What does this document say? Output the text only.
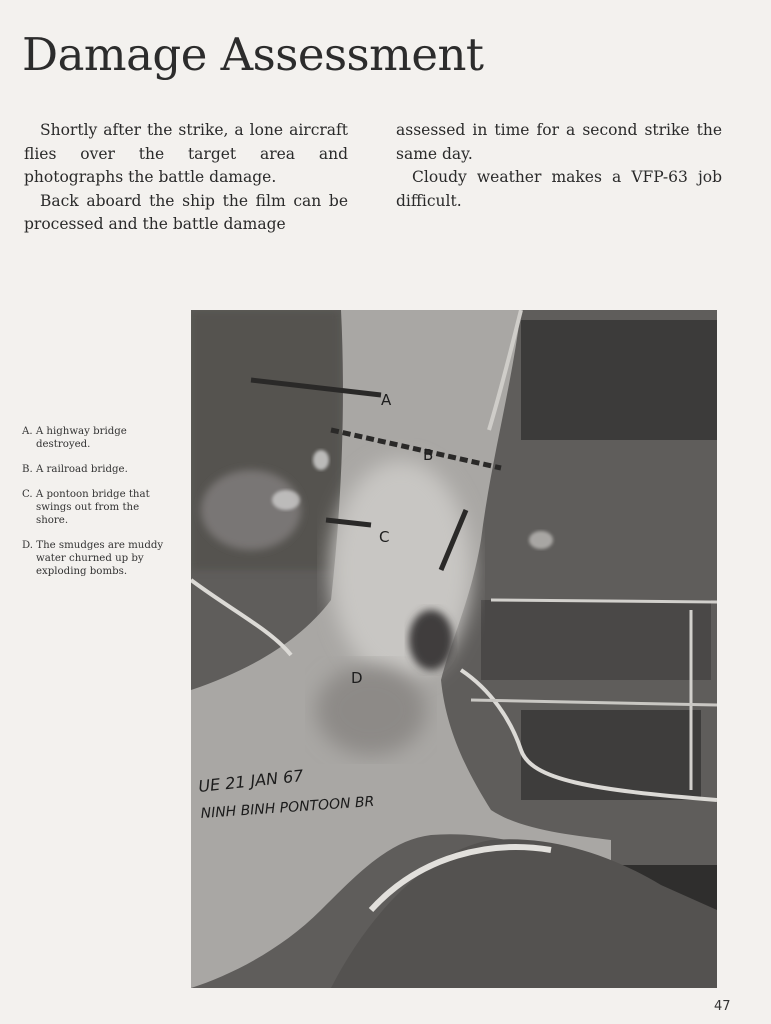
Damage Assessment

Shortly after the strike, a lone aircraft flies over the target area and photographs the battle damage.

Back aboard the ship the film can be processed and the battle damage

assessed in time for a second strike the same day.

Cloudy weather makes a VFP-63 job difficult.

A. A highway bridge destroyed.

B. A railroad bridge.

C. A pontoon bridge that swings out from the shore.

D. The smudges are muddy water churned up by exploding bombs.

A
B
C
D
UE 21 JAN 67
NINH BINH PONTOON BR
47
